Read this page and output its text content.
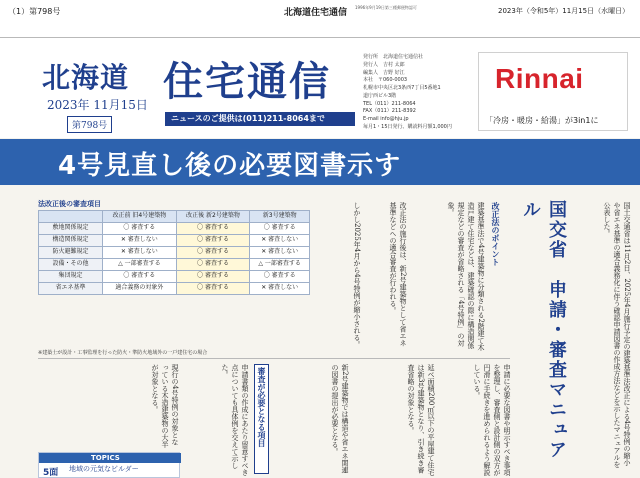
（1）第798号	北海道住宅通信
1996年9月19日第三種郵便物認可	2023年（令和5年）11月15日（水曜日）
北海道 住宅通信
2023年 11月15日
第798号
ニュースのご提供は(011)211-8064まで
発行所　北海道住宅通信社
発行人　吉村 太郎
編集人　吉野 好江
本社　〒060-0003
札幌市中央区北3条西7丁目5番地1
道庁西ビル3階
TEL（011）211-8064
FAX（011）211-8392
E-mail info@hju.jp
毎月1・15日発行、購読料月額1,000円
Rinnai
「冷房・暖房・給湯」が3in1に
4号見直し後の必要図書示す
法改正後の審査項目
	改正前 旧4号建築物	改正後 新2号建築物	新3号建築物
敷地関係規定	〇 審査する	〇 審査する	〇 審査する
構造関係規定	✕ 審査しない	〇 審査する	✕ 審査しない
防火避難規定	✕ 審査しない	〇 審査する	✕ 審査しない
設備・その他	△ 一部審査する	〇 審査する	△ 一部審査する
集団規定	〇 審査する	〇 審査する	〇 審査する
省エネ基準	適合義務の対象外	〇 審査する	✕ 審査しない
※建築士が設計・工事監理を行った防火・準防火地域外の一戸建住宅の場合
しかし2025年4月から4号特例が縮小される。	改正法の施行後は、新2号建築物として省エネ基準などへの適合審査が行われる。	改正法のポイント
建築基準法で4号建築物に分類される2階建て木造戸建て住宅などは、建築確認の際に構造関係規定などの審査が省略される「4号特例」の対象。	国交省　申請・審査マニュアル	国土交通省は11月2日、2025年4月施行予定の建築基準法改正による4号特例の縮小や省エネ基準の適合義務化に伴う確認申請図書の作成方法などを示したマニュアルを公表した。
現行の4号特例の対象となっている木造建築物の大半が対象となる。	申請書類の作成にあたり留意すべき点についても具体例を交えて示した。	審査が必要となる項目	新2号建築物では構造や省エネ関連の図書の提出が必要となる。	延べ面積200㎡以下の平屋建て住宅は新3号建築物となり、引き続き審査省略の対象となる。	申請に必要な図書や明示すべき事項を整理し、審査側と設計側の双方が円滑に手続きを進められるよう解説している。
TOPICS
5面 地域の元気なビルダー
